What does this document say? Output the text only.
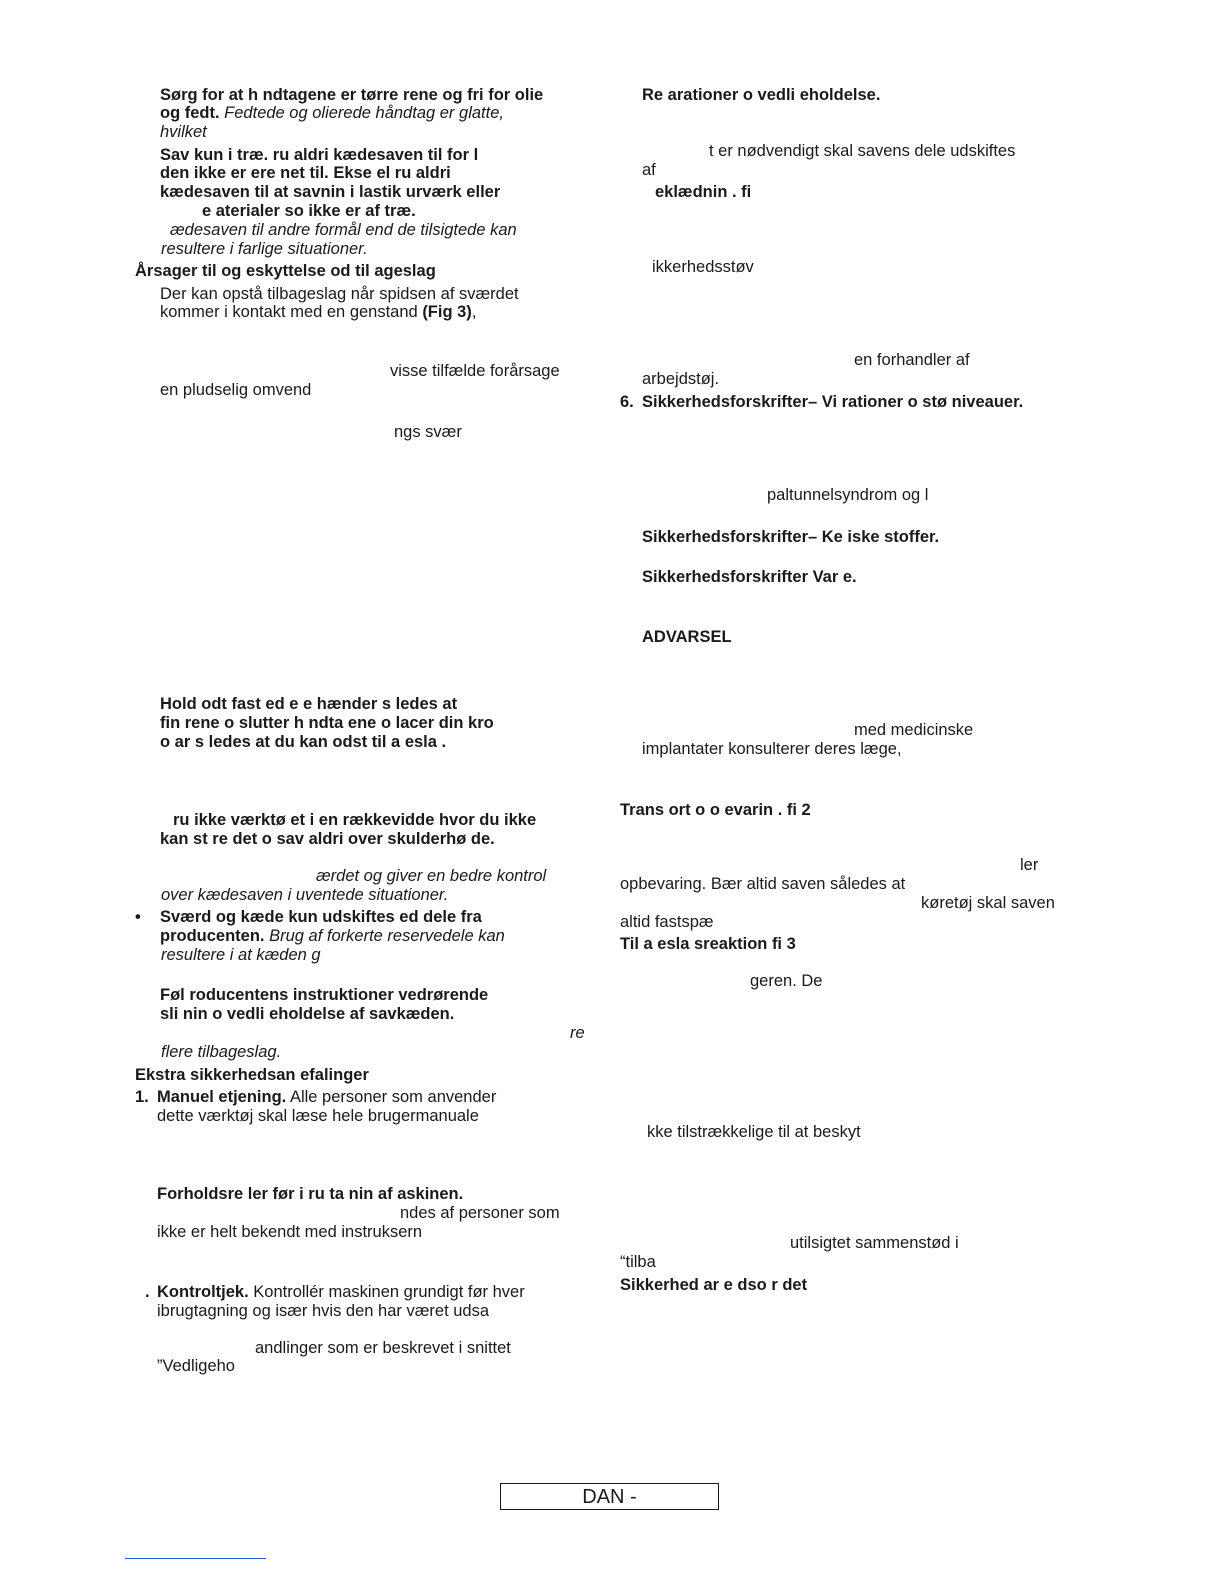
Sørg for at h ndtagene er tørre rene og fri for olie
og fedt. Fedtede og olierede håndtag er glatte,
hvilket
Sav kun i træ. ru aldri kædesaven til for l
den ikke er ere net til. Ekse el ru aldri
kædesaven til at savnin i lastik urværk eller
e aterialer so ikke er af træ.
ædesaven til andre formål end de tilsigtede kan
resultere i farlige situationer.
Årsager til og eskyttelse od til ageslag
Der kan opstå tilbageslag når spidsen af sværdet
kommer i kontakt med en genstand (Fig 3),
visse tilfælde forårsage
en pludselig omvend
ngs svær
Hold odt fast ed e e hænder s ledes at
fin rene o slutter h ndta ene o lacer din kro
o ar s ledes at du kan odst til a esla .
ru ikke værktø et i en rækkevidde hvor du ikke
kan st re det o sav aldri over skulderhø de.
ærdet og giver en bedre kontrol
over kædesaven i uventede situationer.
• Sværd og kæde kun udskiftes ed dele fra
producenten. Brug af forkerte reservedele kan
resultere i at kæden g
Føl roducentens instruktioner vedrørende
sli nin o vedli eholdelse af savkæden.
re
flere tilbageslag.
Ekstra sikkerhedsan efalinger
1. Manuel etjening. Alle personer som anvender
dette værktøj skal læse hele brugermanuale
Forholdsre ler før i ru ta nin af askinen.
ndes af personer som
ikke er helt bekendt med instruksern
. Kontroltjek. Kontrollér maskinen grundigt før hver
ibrugtagning og især hvis den har været udsa
andlinger som er beskrevet i snittet
”Vedligeho
Re arationer o vedli eholdelse.
t er nødvendigt skal savens dele udskiftes
af
eklædnin . fi
ikkerhedsstøv
en forhandler af
arbejdstøj.
6. Sikkerhedsforskrifter– Vi rationer o stø niveauer.
paltunnelsyndrom og l
Sikkerhedsforskrifter– Ke iske stoffer.
Sikkerhedsforskrifter Var e.
ADVARSEL
med medicinske
implantater konsulterer deres læge,
Trans ort o o evarin . fi 2
ler
opbevaring. Bær altid saven således at
køretøj skal saven
altid fastspæ
Til a esla sreaktion fi 3
geren. De
kke tilstrækkelige til at beskyt
utilsigtet sammenstød i
“tilba
Sikkerhed ar e dso r det
DAN -
